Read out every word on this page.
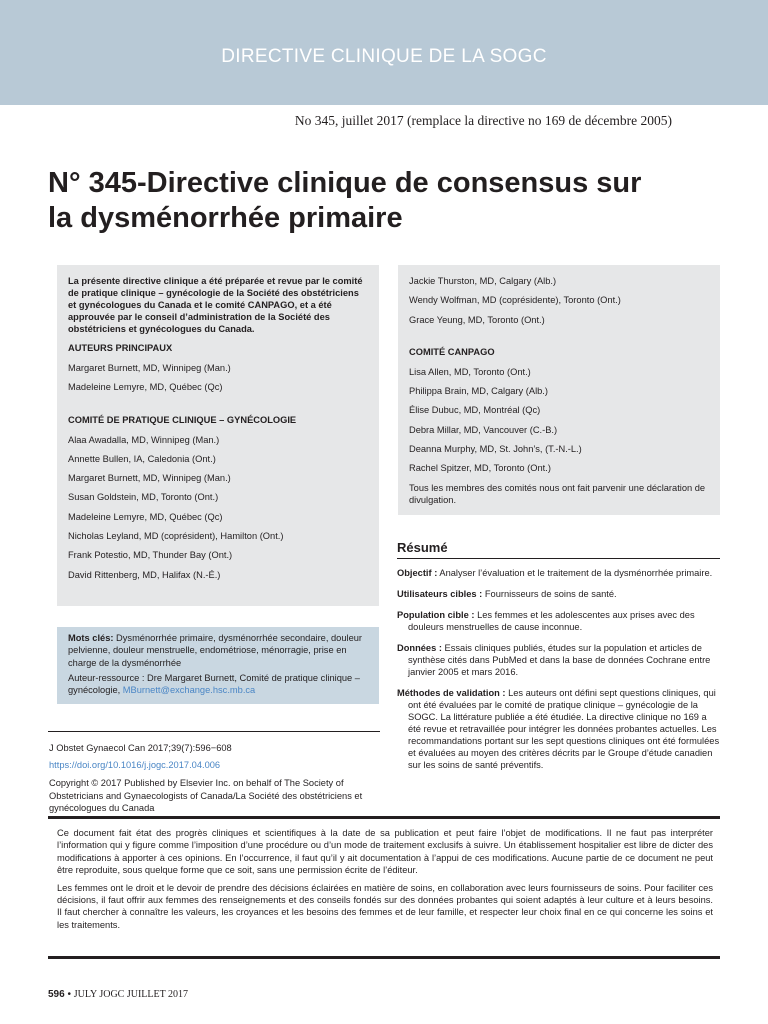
DIRECTIVE CLINIQUE DE LA SOGC
No 345, juillet 2017 (remplace la directive no 169 de décembre 2005)
N° 345-Directive clinique de consensus sur
la dysménorrhée primaire

La présente directive clinique a été préparée et revue par le comité de pratique clinique – gynécologie de la Société des obstétriciens et gynécologues du Canada et le comité CANPAGO, et a été approuvée par le conseil d’administration de la Société des obstétriciens et gynécologues du Canada.

AUTEURS PRINCIPAUX

Margaret Burnett, MD, Winnipeg (Man.)

Madeleine Lemyre, MD, Québec (Qc)

COMITÉ DE PRATIQUE CLINIQUE – GYNÉCOLOGIE

Alaa Awadalla, MD, Winnipeg (Man.)

Annette Bullen, IA, Caledonia (Ont.)

Margaret Burnett, MD, Winnipeg (Man.)

Susan Goldstein, MD, Toronto (Ont.)

Madeleine Lemyre, MD, Québec (Qc)

Nicholas Leyland, MD (coprésident), Hamilton (Ont.)

Frank Potestio, MD, Thunder Bay (Ont.)

David Rittenberg, MD, Halifax (N.-É.)

Jackie Thurston, MD, Calgary (Alb.)

Wendy Wolfman, MD (coprésidente), Toronto (Ont.)

Grace Yeung, MD, Toronto (Ont.)

COMITÉ CANPAGO

Lisa Allen, MD, Toronto (Ont.)

Philippa Brain, MD, Calgary (Alb.)

Élise Dubuc, MD, Montréal (Qc)

Debra Millar, MD, Vancouver (C.-B.)

Deanna Murphy, MD, St. John’s, (T.-N.-L.)

Rachel Spitzer, MD, Toronto (Ont.)

Tous les membres des comités nous ont fait parvenir une déclaration de divulgation.

Mots clés: Dysménorrhée primaire, dysménorrhée secondaire, douleur pelvienne, douleur menstruelle, endométriose, ménorragie, prise en charge de la dysménorrhée
Auteur-ressource : Dre Margaret Burnett, Comité de pratique clinique – gynécologie, MBurnett@exchange.hsc.mb.ca
J Obstet Gynaecol Can 2017;39(7):596−608
https://doi.org/10.1016/j.jogc.2017.04.006
Copyright © 2017 Published by Elsevier Inc. on behalf of The Society of Obstetricians and Gynaecologists of Canada/La Société des obstétriciens et gynécologues du Canada
Résumé

Objectif : Analyser l’évaluation et le traitement de la dysménorrhée primaire.

Utilisateurs cibles : Fournisseurs de soins de santé.

Population cible : Les femmes et les adolescentes aux prises avec des douleurs menstruelles de cause inconnue.

Données : Essais cliniques publiés, études sur la population et articles de synthèse cités dans PubMed et dans la base de données Cochrane entre janvier 2005 et mars 2016.

Méthodes de validation : Les auteurs ont défini sept questions cliniques, qui ont été évaluées par le comité de pratique clinique – gynécologie de la SOGC. La littérature publiée a été étudiée. La directive clinique no 169 a été revue et retravaillée pour intégrer les données probantes actuelles. Les recommandations portant sur les sept questions cliniques ont été formulées et évaluées au moyen des critères décrits par le Groupe d’étude canadien sur les soins de santé préventifs.

Ce document fait état des progrès cliniques et scientifiques à la date de sa publication et peut faire l’objet de modifications. Il ne faut pas interpréter l’information qui y figure comme l’imposition d’une procédure ou d’un mode de traitement exclusifs à suivre. Un établissement hospitalier est libre de dicter des modifications à apporter à ces opinions. En l’occurrence, il faut qu’il y ait documentation à l’appui de ces modifications. Aucune partie de ce document ne peut être reproduite, sous quelque forme que ce soit, sans une permission écrite de l’éditeur.

Les femmes ont le droit et le devoir de prendre des décisions éclairées en matière de soins, en collaboration avec leurs fournisseurs de soins. Pour faciliter ces décisions, il faut offrir aux femmes des renseignements et des conseils fondés sur des données probantes qui soient adaptés à leur culture et à leurs besoins. Il faut chercher à connaître les valeurs, les croyances et les besoins des femmes et de leur famille, et respecter leur choix final en ce qui concerne les soins et les traitements.

596 • JULY JOGC JUILLET 2017
